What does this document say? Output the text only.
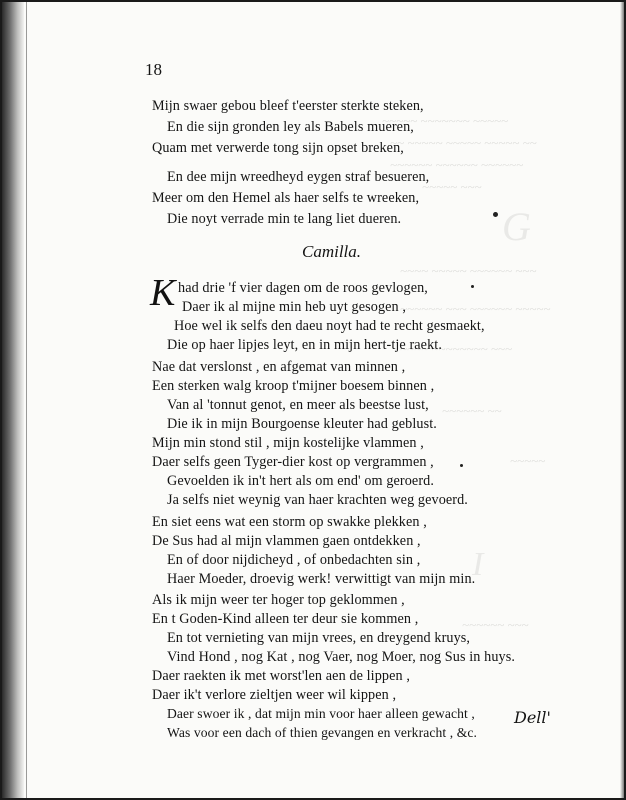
​~~~~~ ~~~~~~~ ~~~~~
~~ ~~~~~ ~~~~~ ~~~~~ ~~
~~~~~~ ~~~~~~ ~~~~~~
~~~~~ ~~~
G
~~~~ ~~~~~ ~~~~~~ ~~~
~~~~~~ ~~~ ~~~~~~ ~~~~~
~~~~ ~~~~~~~~ ~~~
~~~~~~ ~~
~~~~~
I
~~~~~~ ~~~
18
Mijn swaer gebou bleef t'eerster sterkte steken,
En die sijn gronden ley als Babels mueren,
Quam met verwerde tong sijn opset breken,
En dee mijn wreedheyd eygen straf besueren,
Meer om den Hemel als haer selfs te wreeken,
Die noyt verrade min te lang liet dueren.
Camilla.
K had drie 'f vier dagen om de roos gevlogen,
Daer ik al mijne min heb uyt gesogen ,
Hoe wel ik selfs den daeu noyt had te recht gesmaekt,
Die op haer lipjes leyt, en in mijn hert-tje raekt.
Nae dat verslonst , en afgemat van minnen ,
Een sterken walg kroop t'mijner boesem binnen ,
Van al 'tonnut genot, en meer als beestse lust,
Die ik in mijn Bourgoense kleuter had geblust.
Mijn min stond stil , mijn kostelijke vlammen ,
Daer selfs geen Tyger-dier kost op vergrammen ,
Gevoelden ik in't hert als om end' om geroerd.
Ja selfs niet weynig van haer krachten weg gevoerd.
En siet eens wat een storm op swakke plekken ,
De Sus had al mijn vlammen gaen ontdekken ,
En of door nijdicheyd , of onbedachten sin ,
Haer Moeder, droevig werk! verwittigt van mijn min.
Als ik mijn weer ter hoger top geklommen ,
En t Goden-Kind alleen ter deur sie kommen ,
En tot vernieting van mijn vrees, en dreygend kruys,
Vind Hond , nog Kat , nog Vaer, nog Moer, nog Sus in huys.
Daer raekten ik met worst'len aen de lippen ,
Daer ik't verlore zieltjen weer wil kippen ,
Daer swoer ik , dat mijn min voor haer alleen gewacht ,
Was voor een dach of thien gevangen en verkracht , &c.
Dell'
